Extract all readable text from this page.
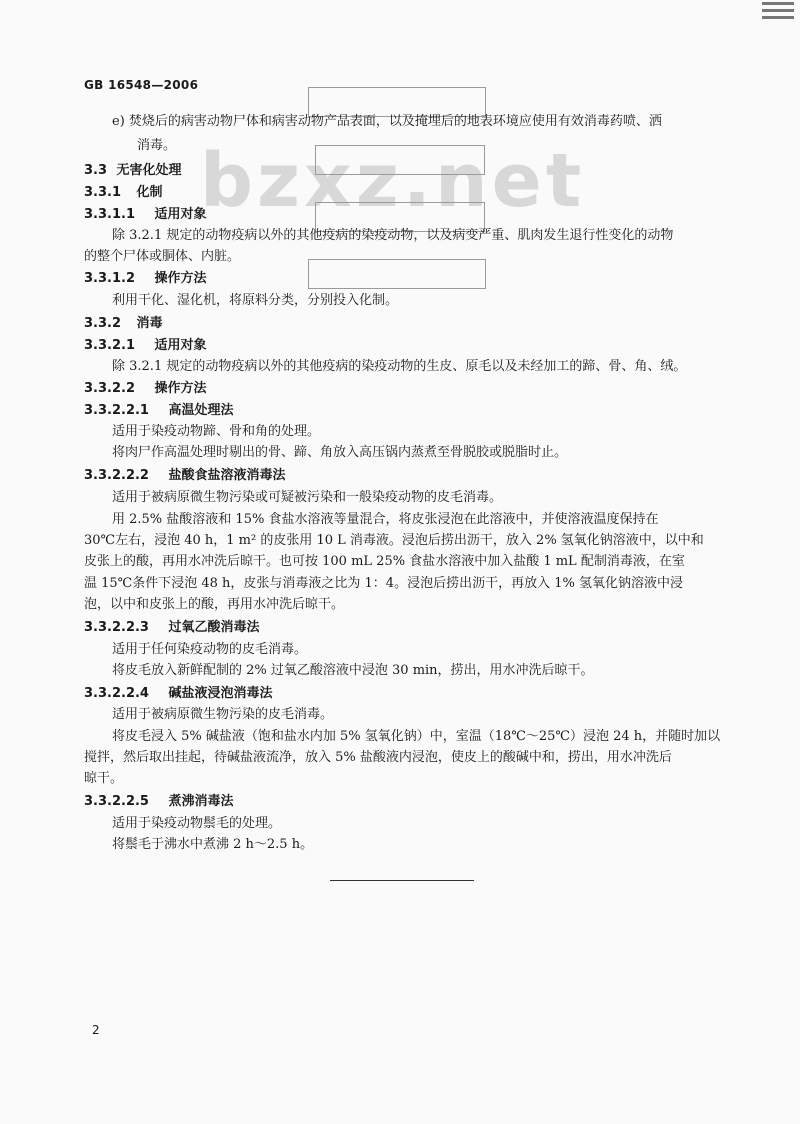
GB 16548—2006
bzxz.net
e) 焚烧后的病害动物尸体和病害动物产品表面，以及掩埋后的地表环境应使用有效消毒药喷、洒
消毒。
3.3 无害化处理
3.3.1 化制
3.3.1.1 适用对象
除 3.2.1 规定的动物疫病以外的其他疫病的染疫动物，以及病变严重、肌肉发生退行性变化的动物
的整个尸体或胴体、内脏。
3.3.1.2 操作方法
利用干化、湿化机，将原料分类，分别投入化制。
3.3.2 消毒
3.3.2.1 适用对象
除 3.2.1 规定的动物疫病以外的其他疫病的染疫动物的生皮、原毛以及未经加工的蹄、骨、角、绒。
3.3.2.2 操作方法
3.3.2.2.1 高温处理法
适用于染疫动物蹄、骨和角的处理。
将肉尸作高温处理时剔出的骨、蹄、角放入高压锅内蒸煮至骨脱胶或脱脂时止。
3.3.2.2.2 盐酸食盐溶液消毒法
适用于被病原微生物污染或可疑被污染和一般染疫动物的皮毛消毒。
用 2.5% 盐酸溶液和 15% 食盐水溶液等量混合，将皮张浸泡在此溶液中，并使溶液温度保持在
30℃左右，浸泡 40 h，1 m² 的皮张用 10 L 消毒液。浸泡后捞出沥干，放入 2% 氢氧化钠溶液中，以中和
皮张上的酸，再用水冲洗后晾干。也可按 100 mL 25% 食盐水溶液中加入盐酸 1 mL 配制消毒液，在室
温 15℃条件下浸泡 48 h，皮张与消毒液之比为 1：4。浸泡后捞出沥干，再放入 1% 氢氧化钠溶液中浸
泡，以中和皮张上的酸，再用水冲洗后晾干。
3.3.2.2.3 过氧乙酸消毒法
适用于任何染疫动物的皮毛消毒。
将皮毛放入新鲜配制的 2% 过氧乙酸溶液中浸泡 30 min，捞出，用水冲洗后晾干。
3.3.2.2.4 碱盐液浸泡消毒法
适用于被病原微生物污染的皮毛消毒。
将皮毛浸入 5% 碱盐液（饱和盐水内加 5% 氢氧化钠）中，室温（18℃～25℃）浸泡 24 h，并随时加以
搅拌，然后取出挂起，待碱盐液流净，放入 5% 盐酸液内浸泡，使皮上的酸碱中和，捞出，用水冲洗后
晾干。
3.3.2.2.5 煮沸消毒法
适用于染疫动物鬃毛的处理。
将鬃毛于沸水中煮沸 2 h～2.5 h。
2
